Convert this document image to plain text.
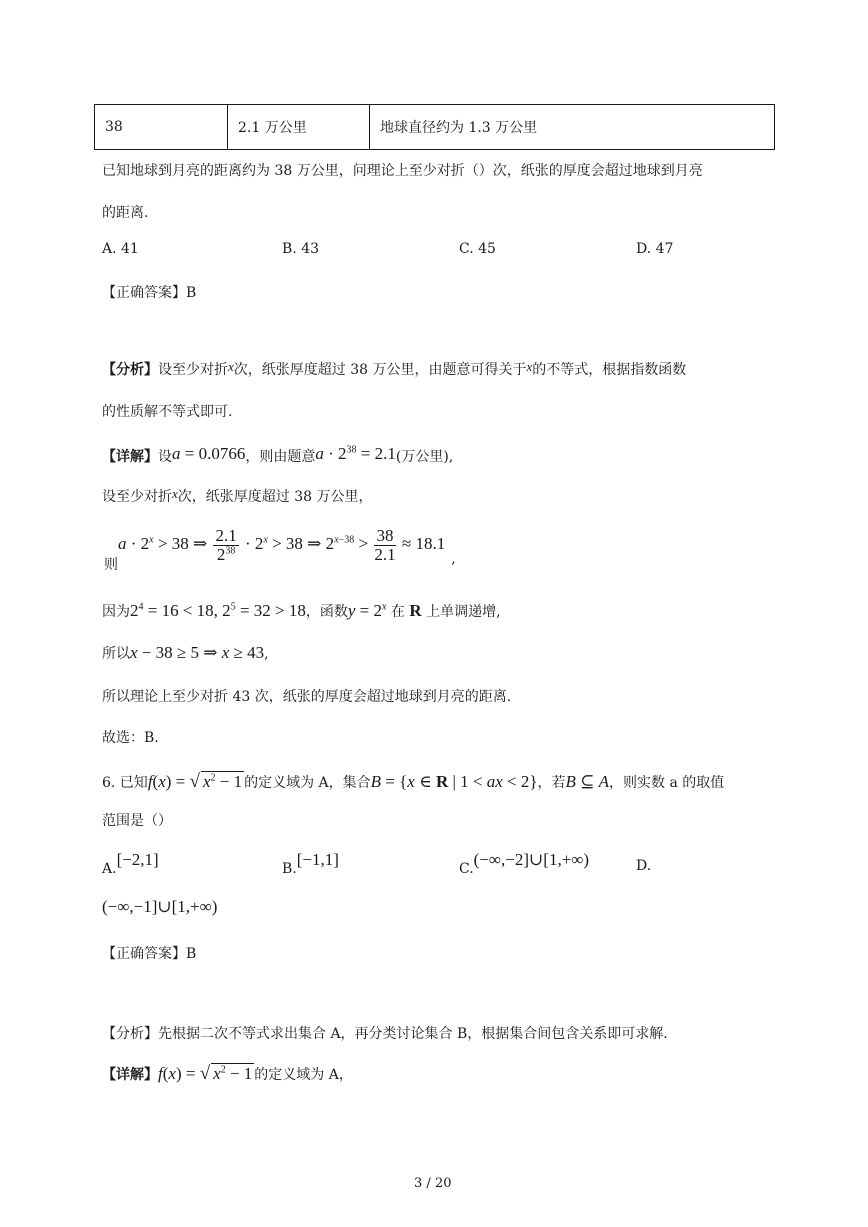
38	2.1 万公里	地球直径约为 1.3 万公里
已知地球到月亮的距离约为 38 万公里，问理论上至少对折（）次，纸张的厚度会超过地球到月亮
的距离.
A. 41	B. 43	C. 45	D. 47
【正确答案】B
【分析】设至少对折x次，纸张厚度超过 38 万公里，由题意可得关于x的不等式，根据指数函数
的性质解不等式即可.
【详解】设a = 0.0766，则由题意$a \cdot 2^{38} = 2.1$(万公里),
设至少对折x次，纸张厚度超过 38 万公里，
则$a \cdot 2^x > 38$ ⇒ $\frac{2.1}{2^{38}} \cdot 2^x > 38$ ⇒ $2^{x-38} > \frac{38}{2.1} \approx 18.1$,
因为$2^4 = 16 < 18$, $2^5 = 32 > 18$，函数$y = 2^x$ 在 R 上单调递增,
所以x − 38 ≥ 5 ⇒ x ≥ 43,
所以理论上至少对折 43 次，纸张的厚度会超过地球到月亮的距离.
故选：B.
6. 已知f(x) = √ $x^2 - 1$ 的定义域为 A，集合B = {x ∈ R | 1 < ax < 2}，若B ⊆ A，则实数 a 的取值
范围是（）
A.[−2,1]	B.[−1,1]	C.(−∞,−2]∪[1,+∞)	D.
(−∞,−1]∪[1,+∞)
【正确答案】B
【分析】先根据二次不等式求出集合 A，再分类讨论集合 B，根据集合间包含关系即可求解.
【详解】f(x) = √ $x^2 - 1$ 的定义域为 A，
3 / 20
